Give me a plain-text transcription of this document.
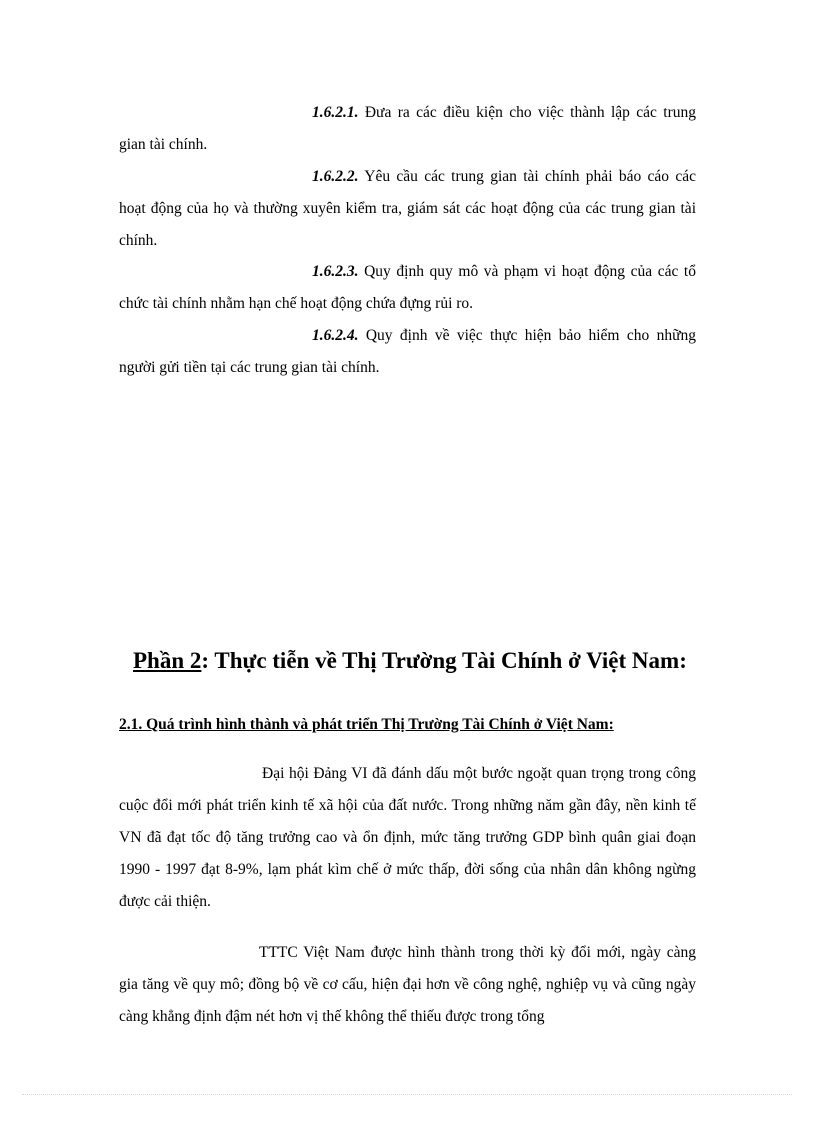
1.6.2.1. Đưa ra các điều kiện cho việc thành lập các trung gian tài chính.

1.6.2.2. Yêu cầu các trung gian tài chính phải báo cáo các hoạt động của họ và thường xuyên kiểm tra, giám sát các hoạt động của các trung gian tài chính.

1.6.2.3. Quy định quy mô và phạm vi hoạt động của các tổ chức tài chính nhằm hạn chế hoạt động chứa đựng rủi ro.

1.6.2.4. Quy định về việc thực hiện bảo hiểm cho những người gửi tiền tại các trung gian tài chính.

Phần 2: Thực tiễn về Thị Trường Tài Chính ở Việt Nam:
2.1. Quá trình hình thành và phát triển Thị Trường Tài Chính ở Việt Nam:

Đại hội Đảng VI đã đánh dấu một bước ngoặt quan trọng trong công cuộc đổi mới phát triển kinh tế xã hội của đất nước. Trong những năm gần đây, nền kinh tế VN đã đạt tốc độ tăng trưởng cao và ổn định, mức tăng trưởng GDP bình quân giai đoạn 1990 - 1997 đạt 8-9%, lạm phát kìm chế ở mức thấp, đời sống của nhân dân không ngừng được cải thiện.

TTTC Việt Nam được hình thành trong thời kỳ đổi mới, ngày càng gia tăng về quy mô; đồng bộ về cơ cấu, hiện đại hơn về công nghệ, nghiệp vụ và cũng ngày càng khẳng định đậm nét hơn vị thế không thể thiếu được trong tổng
